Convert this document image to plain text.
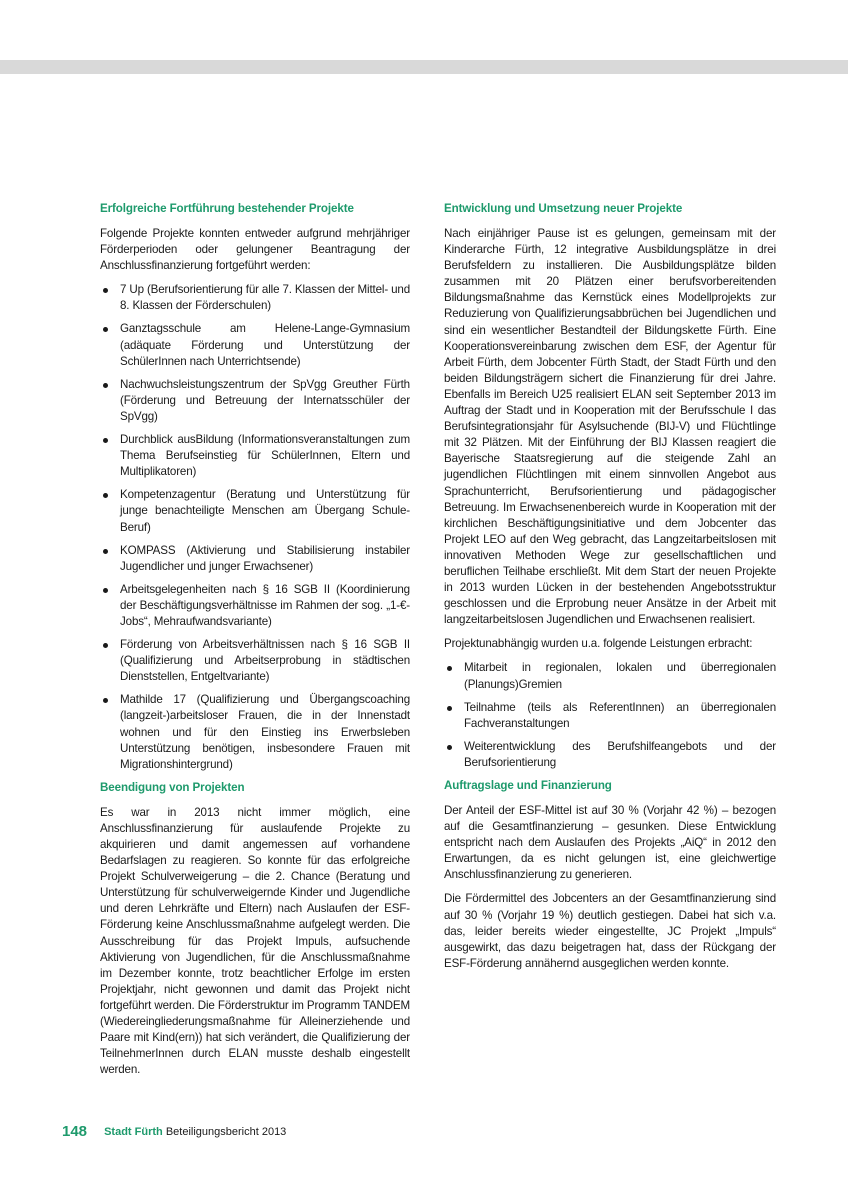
Erfolgreiche Fortführung bestehender Projekte

Folgende Projekte konnten entweder aufgrund mehrjähriger Förderperioden oder gelungener Beantragung der Anschlussfinanzierung fortgeführt werden:

7 Up (Berufsorientierung für alle 7. Klassen der Mittel- und 8. Klassen der Förderschulen)
Ganztagsschule am Helene-Lange-Gymnasium (adäquate Förderung und Unterstützung der SchülerInnen nach Unterrichtsende)
Nachwuchsleistungszentrum der SpVgg Greuther Fürth (Förderung und Betreuung der Internatsschüler der SpVgg)
Durchblick ausBildung (Informationsveranstaltungen zum Thema Berufseinstieg für SchülerInnen, Eltern und Multiplikatoren)
Kompetenzagentur (Beratung und Unterstützung für junge benachteiligte Menschen am Übergang Schule-Beruf)
KOMPASS (Aktivierung und Stabilisierung instabiler Jugendlicher und junger Erwachsener)
Arbeitsgelegenheiten nach § 16 SGB II (Koordinierung der Beschäftigungsverhältnisse im Rahmen der sog. „1-€-Jobs“, Mehraufwandsvariante)
Förderung von Arbeitsverhältnissen nach § 16 SGB II (Qualifizierung und Arbeitserprobung in städtischen Dienststellen, Entgeltvariante)
Mathilde 17 (Qualifizierung und Übergangscoaching (langzeit-)arbeitsloser Frauen, die in der Innenstadt wohnen und für den Einstieg ins Erwerbsleben Unterstützung benötigen, insbesondere Frauen mit Migrationshintergrund)
Beendigung von Projekten

Es war in 2013 nicht immer möglich, eine Anschlussfinanzierung für auslaufende Projekte zu akquirieren und damit angemessen auf vorhandene Bedarfslagen zu reagieren. So konnte für das erfolgreiche Projekt Schulverweigerung – die 2. Chance (Beratung und Unterstützung für schulverweigernde Kinder und Jugendliche und deren Lehrkräfte und Eltern) nach Auslaufen der ESF-Förderung keine Anschlussmaßnahme aufgelegt werden. Die Ausschreibung für das Projekt Impuls, aufsuchende Aktivierung von Jugendlichen, für die Anschlussmaßnahme im Dezember konnte, trotz beachtlicher Erfolge im ersten Projektjahr, nicht gewonnen und damit das Projekt nicht fortgeführt werden. Die Förderstruktur im Programm TANDEM (Wiedereingliederungsmaßnahme für Alleinerziehende und Paare mit Kind(ern)) hat sich verändert, die Qualifizierung der TeilnehmerInnen durch ELAN musste deshalb eingestellt werden.

Entwicklung und Umsetzung neuer Projekte

Nach einjähriger Pause ist es gelungen, gemeinsam mit der Kinderarche Fürth, 12 integrative Ausbildungsplätze in drei Berufsfeldern zu installieren. Die Ausbildungsplätze bilden zusammen mit 20 Plätzen einer berufsvorbereitenden Bildungsmaßnahme das Kernstück eines Modellprojekts zur Reduzierung von Qualifizierungsabbrüchen bei Jugendlichen und sind ein wesentlicher Bestandteil der Bildungskette Fürth. Eine Kooperationsvereinbarung zwischen dem ESF, der Agentur für Arbeit Fürth, dem Jobcenter Fürth Stadt, der Stadt Fürth und den beiden Bildungsträgern sichert die Finanzierung für drei Jahre. Ebenfalls im Bereich U25 realisiert ELAN seit September 2013 im Auftrag der Stadt und in Kooperation mit der Berufsschule I das Berufsintegrationsjahr für Asylsuchende (BIJ-V) und Flüchtlinge mit 32 Plätzen. Mit der Einführung der BIJ Klassen reagiert die Bayerische Staatsregierung auf die steigende Zahl an jugendlichen Flüchtlingen mit einem sinnvollen Angebot aus Sprachunterricht, Berufsorientierung und pädagogischer Betreuung. Im Erwachsenenbereich wurde in Kooperation mit der kirchlichen Beschäftigungsinitiative und dem Jobcenter das Projekt LEO auf den Weg gebracht, das Langzeitarbeitslosen mit innovativen Methoden Wege zur gesellschaftlichen und beruflichen Teilhabe erschließt. Mit dem Start der neuen Projekte in 2013 wurden Lücken in der bestehenden Angebotsstruktur geschlossen und die Erprobung neuer Ansätze in der Arbeit mit langzeitarbeitslosen Jugendlichen und Erwachsenen realisiert.

Projektunabhängig wurden u.a. folgende Leistungen erbracht:

Mitarbeit in regionalen, lokalen und überregionalen (Planungs)Gremien
Teilnahme (teils als ReferentInnen) an überregionalen Fachveranstaltungen
Weiterentwicklung des Berufshilfeangebots und der Berufsorientierung
Auftragslage und Finanzierung

Der Anteil der ESF-Mittel ist auf 30 % (Vorjahr 42 %) – bezogen auf die Gesamtfinanzierung – gesunken. Diese Entwicklung entspricht nach dem Auslaufen des Projekts „AiQ“ in 2012 den Erwartungen, da es nicht gelungen ist, eine gleichwertige Anschlussfinanzierung zu generieren.

Die Fördermittel des Jobcenters an der Gesamtfinanzierung sind auf 30 % (Vorjahr 19 %) deutlich gestiegen. Dabei hat sich v.a. das, leider bereits wieder eingestellte, JC Projekt „Impuls“ ausgewirkt, das dazu beigetragen hat, dass der Rückgang der ESF-Förderung annähernd ausgeglichen werden konnte.

148 Stadt Fürth Beteiligungsbericht 2013
